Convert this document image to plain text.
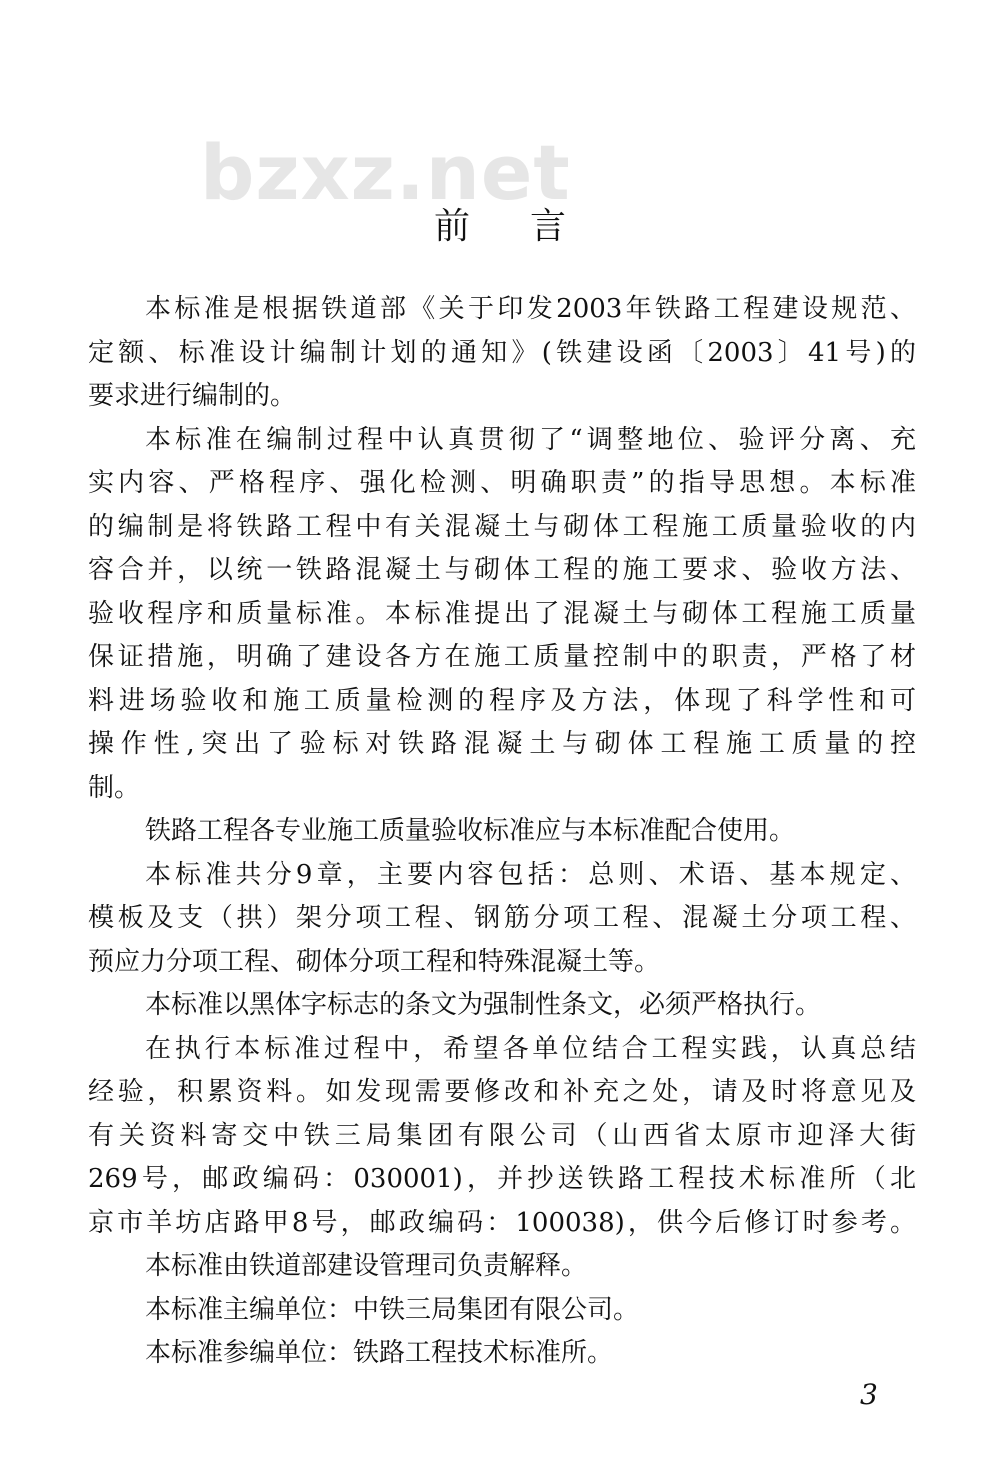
bzxz.net
前言
本标准是根据铁道部《关于印发2003年铁路工程建设规范、
定额、标准设计编制计划的通知》(铁建设函〔2003〕41号)的
要求进行编制的。
本标准在编制过程中认真贯彻了“调整地位、验评分离、充
实内容、严格程序、强化检测、明确职责”的指导思想。本标准
的编制是将铁路工程中有关混凝土与砌体工程施工质量验收的内
容合并，以统一铁路混凝土与砌体工程的施工要求、验收方法、
验收程序和质量标准。本标准提出了混凝土与砌体工程施工质量
保证措施，明确了建设各方在施工质量控制中的职责，严格了材
料进场验收和施工质量检测的程序及方法，体现了科学性和可
操作性,突出了验标对铁路混凝土与砌体工程施工质量的控
制。
铁路工程各专业施工质量验收标准应与本标准配合使用。
本标准共分9章，主要内容包括：总则、术语、基本规定、
模板及支（拱）架分项工程、钢筋分项工程、混凝土分项工程、
预应力分项工程、砌体分项工程和特殊混凝土等。
本标准以黑体字标志的条文为强制性条文，必须严格执行。
在执行本标准过程中，希望各单位结合工程实践，认真总结
经验，积累资料。如发现需要修改和补充之处，请及时将意见及
有关资料寄交中铁三局集团有限公司（山西省太原市迎泽大街
269号，邮政编码：030001)，并抄送铁路工程技术标准所（北
京市羊坊店路甲8号，邮政编码：100038)，供今后修订时参考。
本标准由铁道部建设管理司负责解释。
本标准主编单位：中铁三局集团有限公司。
本标准参编单位：铁路工程技术标准所。
3
